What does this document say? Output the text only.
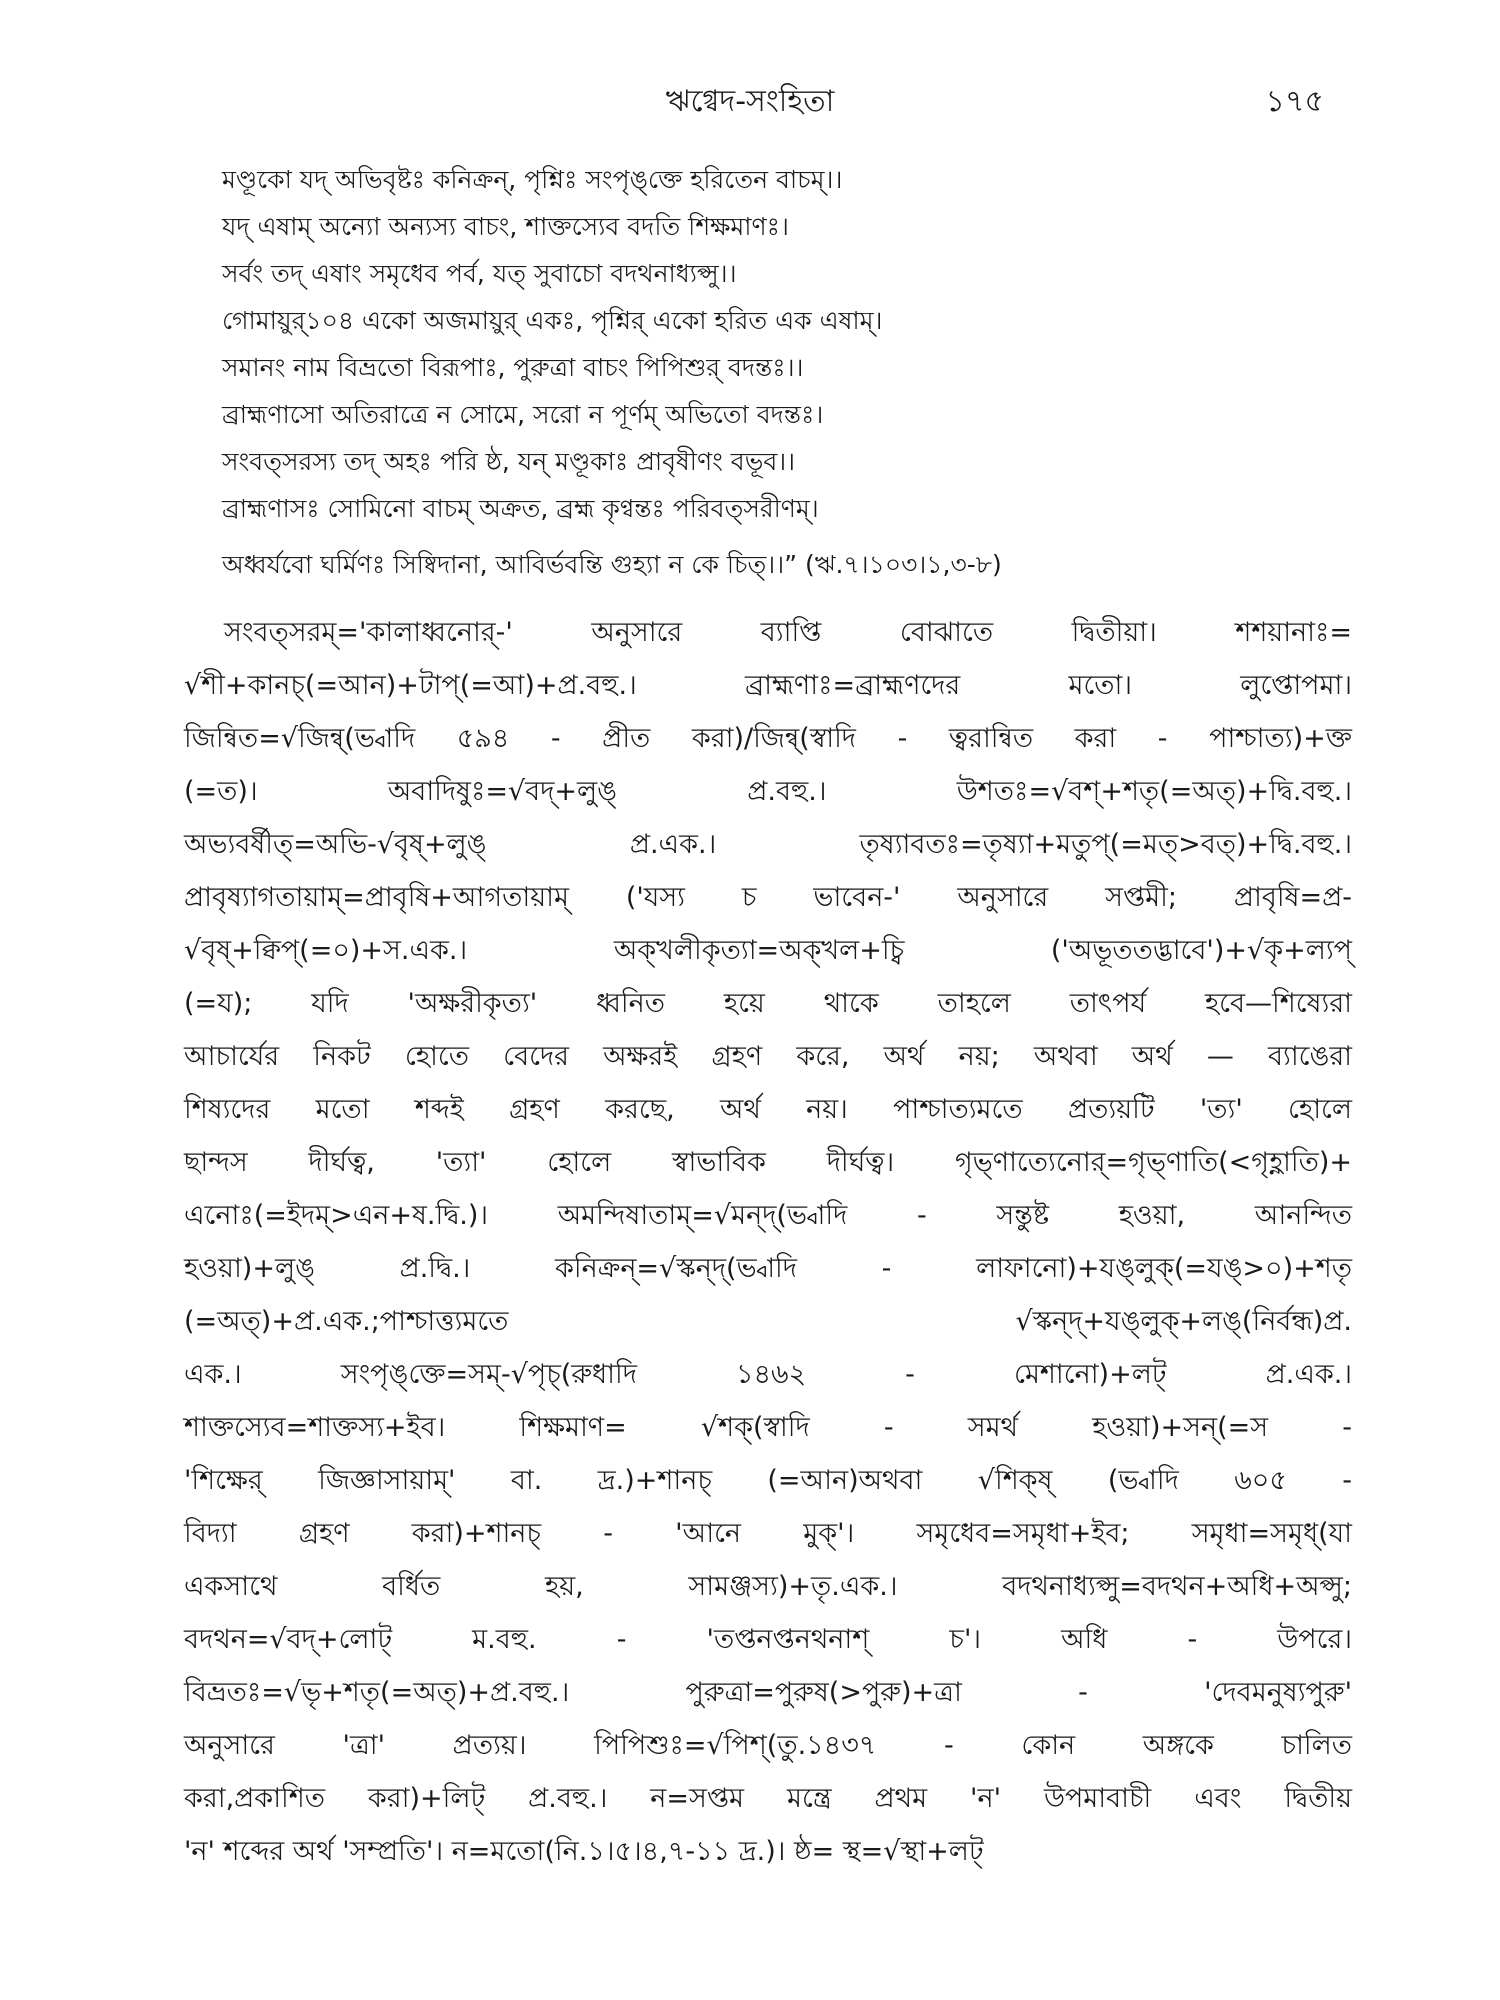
ঋগ্বেদ-সংহিতা	১৭৫
মণ্ডূকো যদ্ অভিবৃষ্টঃ কনিক্রন্, পৃশ্নিঃ সংপৃঙ্‌ক্তে হরিতেন বাচম্।।
যদ্ এষাম্ অন্যো অন্যস্য বাচং, শাক্তস্যেব বদতি শিক্ষমাণঃ।
সর্বং তদ্ এষাং সমৃধেব পর্ব, যত্ সুবাচো বদথনাধ্যপ্সু।।
গোমায়ুর্১০৪ একো অজমায়ুর্ একঃ, পৃশ্নির্ একো হরিত এক এষাম্।
সমানং নাম বিভ্রতো বিরূপাঃ, পুরুত্রা বাচং পিপিশুর্ বদন্তঃ।।
ব্রাহ্মণাসো অতিরাত্রে ন সোমে, সরো ন পূর্ণম্ অভিতো বদন্তঃ।
সংবত্সরস্য তদ্ অহঃ পরি ষ্ঠ, যন্ মণ্ডূকাঃ প্রাবৃষীণং বভূব।।
ব্রাহ্মণাসঃ সোমিনো বাচম্ অক্রত, ব্রহ্ম কৃণ্বন্তঃ পরিবত্সরীণম্।
অধ্বর্যবো ঘর্মিণঃ সিষ্বিদানা, আবির্ভবন্তি গুহ্যা ন কে চিত্।।” (ঋ.৭।১০৩।১,৩-৮)
সংবত্সরম্='কালাধ্বনোর্-' অনুসারে ব্যাপ্তি বোঝাতে দ্বিতীয়া। শশয়ানাঃ=
√শী+কানচ্(=আন)+টাপ্(=আ)+প্র.বহু.। ব্রাহ্মণাঃ=ব্রাহ্মণদের মতো। লুপ্তোপমা।
জিন্বিত=√জিন্ব্(ভ্বাদি ৫৯৪ - প্রীত করা)/জিন্ব্(স্বাদি - ত্বরান্বিত করা - পাশ্চাত্য)+ক্ত
(=ত)। অবাদিষুঃ=√বদ্+লুঙ্ প্র.বহু.। উশতঃ=√বশ্+শতৃ(=অত্)+দ্বি.বহু.।
অভ্যবর্ষীত্=অভি-√বৃষ্+লুঙ্ প্র.এক.। তৃষ্যাবতঃ=তৃষ্যা+মতুপ্(=মত্>বত্)+দ্বি.বহু.।
প্রাবৃষ্যাগতায়াম্=প্রাবৃষি+আগতায়াম্ ('যস্য চ ভাবেন-' অনুসারে সপ্তমী; প্রাবৃষি=প্র-
√বৃষ্+ক্বিপ্(=০)+স.এক.। অক্খলীকৃত্যা=অক্খল+চ্বি ('অভূততদ্ভাবে')+√কৃ+ল্যপ্
(=য); যদি 'অক্ষরীকৃত্য' ধ্বনিত হয়ে থাকে তাহলে তাৎপর্য হবে—শিষ্যেরা
আচার্যের নিকট হোতে বেদের অক্ষরই গ্রহণ করে, অর্থ নয়; অথবা অর্থ — ব্যাঙেরা
শিষ্যদের মতো শব্দই গ্রহণ করছে, অর্থ নয়। পাশ্চাত্যমতে প্রত্যয়টি 'ত্য' হোলে
ছান্দস দীর্ঘত্ব, 'ত্যা' হোলে স্বাভাবিক দীর্ঘত্ব। গৃভ্ণাত্যেনোর্=গৃভ্ণাতি(<গৃহ্ণাতি)+
এনোঃ(=ইদম্>এন+ষ.দ্বি.)। অমন্দিষাতাম্=√মন্দ্(ভ্বাদি - সন্তুষ্ট হওয়া, আনন্দিত
হওয়া)+লুঙ্ প্র.দ্বি.। কনিক্রন্=√স্কন্দ্(ভ্বাদি - লাফানো)+যঙ্‌লুক্(=যঙ্>০)+শতৃ
(=অত্)+প্র.এক.;পাশ্চাত্ত্যমতে √স্কন্দ্+যঙ্‌লুক্+লঙ্(নির্বন্ধ)প্র.
এক.। সংপৃঙ্‌ক্তে=সম্-√পৃচ্(রুধাদি ১৪৬২ - মেশানো)+লট্ প্র.এক.।
শাক্তস্যেব=শাক্তস্য+ইব। শিক্ষমাণ= √শক্(স্বাদি - সমর্থ হওয়া)+সন্(=স -
'শিক্ষের্ জিজ্ঞাসায়াম্' বা. দ্র.)+শানচ্ (=আন)অথবা √শিক্ষ্ (ভ্বাদি ৬০৫ -
বিদ্যা গ্রহণ করা)+শানচ্ - 'আনে মুক্'। সমৃধেব=সমৃধা+ইব; সমৃধা=সমৃধ্(যা
একসাথে বর্ধিত হয়, সামঞ্জস্য)+তৃ.এক.। বদথনাধ্যপ্সু=বদথন+অধি+অপ্সু;
বদথন=√বদ্+লোট্ ম.বহু. - 'তপ্তনপ্তনথনাশ্ চ'। অধি - উপরে।
বিভ্রতঃ=√ভৃ+শতৃ(=অত্)+প্র.বহু.। পুরুত্রা=পুরুষ(>পুরু)+ত্রা - 'দেবমনুষ্যপুরু'
অনুসারে 'ত্রা' প্রত্যয়। পিপিশুঃ=√পিশ্(তু.১৪৩৭ - কোন অঙ্গকে চালিত
করা,প্রকাশিত করা)+লিট্ প্র.বহু.। ন=সপ্তম মন্ত্রে প্রথম 'ন' উপমাবাচী এবং দ্বিতীয়
'ন' শব্দের অর্থ 'সম্প্রতি'। ন=মতো(নি.১।৫।৪,৭-১১ দ্র.)। ষ্ঠ= স্থ=√স্থা+লট্
